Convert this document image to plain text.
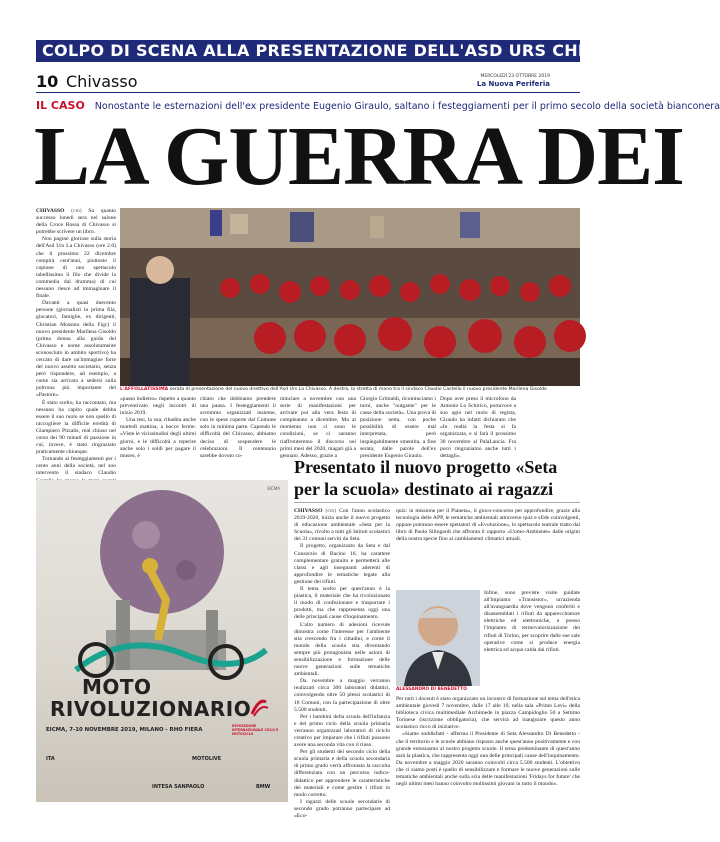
COLPO DI SCENA ALLA PRESENTAZIONE DELL'ASD URS CHIVASSO
10 Chivasso	MERCOLEDÌ 23 OTTOBRE 2019
La Nuova Periferia
IL CASO Nonostante le esternazioni dell'ex presidente Eugenio Giraulo, saltano i festeggiamenti per il primo secolo della società bianconera
LA GUERRA DEI
CHIVASSO (cm) Su quanto successo lunedì sera nel salone della Croce Rossa di Chivasso si potrebbe scrivere un libro.
Non pagine gloriose sulla storia dell'Asd Urs La Chivasso (ore 2.0) che il prossimo 22 dicembre compirà cent'anni, piuttosto il copione di uno spettacolo tabellissimo il filo che divide la commedia dal dramma) di cui nessuno riesce ad immaginare il finale.
Davanti a quasi duecento persone (giornalisti in prima fila, giocatori, famiglie, ex dirigenti, Christian Mossino della Figc) il nuovo presidente Marilena Gisoldo (prima donna alla guida del Chivasso e nome assolutamente sconosciuto in ambito sportivo) ha cercato di dare un'immagine forte del nuovo assetto societario, senza però rispondere, ad esempio, a come sia arrivata a sedersi sulla poltrona più importante del «Pastore».
È stato scelto, ha raccontato, ma nessuno ha capito quale debba essere il suo ruolo se non quello di raccogliere la difficile eredità di Giampiero Pitzalis, real chiuso nel corso dei 90 minuti di passione in cui, invece, è stato ringraziato praticamente chiunque.
Tornando ai festeggiamenti per i cento anni della società, nel suo intervento il sindaco Claudio
L'AFFOLLATISSIMA serata di presentazione del nuovo direttivo dell'Asd Urs La Chivasso. A destra, la stretta di mano tra il sindaco Claudio Castello il nuovo presidente Marilena Gisoldo
«passo indietro» rispetto a quanto preventivato negli incontri di inizio 2019.
Una tesi, la sua, ribadita anche martedì mattina, a bocce ferme: «Viste le vicissitudini degli ultimi giorni, e le difficoltà a reperire anche solo i soldi per pagare il museo, è
chiaro che dobbiamo prendere una pausa. I festeggiamenti li avremmo organizzati insieme, con le spese coperte dal Comune solo in minima parte. Capendo le difficoltà del Chivasso, abbiamo deciso di sospendere le celebrazioni. Il centenario sarebbe dovuto co-
minciare a novembre con una serie di manifestazioni per arrivare poi alla vera festa di compleanno a dicembre. Ma al momento non ci sono le condizioni, se ci saranno riaffronteremo il discorso nei primi mesi del 2020, magari già a gennaio. Adesso, grazie a
Giorgio Grimaldi, ricominciamo i turni, anche "outgame" per le casse della società». Una prova di posizione netta, con poche possibilità di essere mal interpretata, però inspiegabilmente smentita, a fine serata, dalle parole dell'ex presidente Eugenio Giraulo.
Dopo aver preso il microfono da Antonio Lo Schirico, portavoce a suo agio nel ruolo di regista, Giraulo ha infatti dichiarato che «In realtà la festa si fa organizzata, e si farà il prossimo 30 novembre al PalaLancia. Fra poco ringraziamo anche tutti i dettagli».
EICMA
MOTO
RIVOLUZIONARIO
EICMA, 7-10 NOVEMBRE 2019, MILANO - RHO FIERA
ESPOSIZIONE INTERNAZIONALE CICLO E MOTOCICLO
ITA	MOTOLIVE
INTESA SANPAOLO	BMW
Presentato il nuovo progetto «Seta per la scuola» destinato ai ragazzi
CHIVASSO (cm) Con l'anno scolastico 2019-2020, inizia anche il nuovo progetto di educazione ambientale «Seta per la Scuola», rivolto a tutti gli Istituti scolastici dei 31 comuni serviti da Seta.
Il progetto, organizzato da Seta e dal Consorzio di Bacino 16, ha carattere complementare gratuito e permetterà alle classi e agli insegnanti aderenti di approfondire le tematiche legate alla gestione dei rifiuti.
Il tema scelto per quest'anno è la plastica, il materiale che ha rivoluzionato il modo di confezionare e trasportare i prodotti, ma che rappresenta oggi una delle principali cause d'inquinamento.
L'alto numero di adesioni ricevute dimostra come l'interesse per l'ambiente stia crescendo fra i cittadini, e come il mondo della scuola stia diventando sempre più protagonista nelle azioni di sensibilizzazione e formazione delle nuove generazioni sulle tematiche ambientali.
Da novembre a maggio verranno realizzati circa 300 laboratori didattici, coinvolgendo oltre 50 plessi scolastici di 18 Comuni, con la partecipazione di oltre 5.500 studenti.
Per i bambini della scuola dell'infanzia e del primo ciclo della scuola primaria verranno organizzati laboratori di riciclo creativo per imparare che i rifiuti possono avere una seconda vita con il riuso.
Per gli studenti del secondo ciclo della scuola primaria e della scuola secondaria di primo grado verrà affrontata la raccolta differenziata con un percorso ludico-didattico per apprendere le caratteristiche dei materiali e come gestire i rifiuti in modo corretto.
I ragazzi delle scuole secondarie di secondo grado potranno partecipare ad «Eco-
quiz: in missione per il Pianeta», il gioco-concorso per approfondire, grazie alla tecnologia delle APP, le tematiche ambientali attraverso quiz e sfide coinvolgenti, oppure potranno essere spettatori di «Evoluzione», lo spettacolo teatrale tratto dal libro di Paolo Silingardi che affronta il rapporto «Uomo-Ambiente» dalle origini della nostra specie fino ai cambiamenti climatici attuali.
ALESSANDRO DI BENEDETTO
Infine, sono previste visite guidate all'impianto «Transistor», un'azienda all'avanguardia dove vengono conferiti e disassemblati i rifiuti da apparecchiature elettriche ed elettroniche, e presso l'impianto di termovalorizzazione dei rifiuti di Torino, per scoprire dalle sue sale operative come si produce energia elettrica ed acqua calda dai rifiuti.
Per tutti i docenti è stato organizzato un incontro di formazione sul tema dell'etica ambientale giovedì 7 novembre, dalle 17 alle 19, nella sala «Primo Levi» della biblioteca civica multimediale Archimede in piazza Campidoglio 50 a Settimo Torinese (iscrizione obbligatoria), che servirà ad inaugurare questo anno scolastico ricco di iniziative.
«Siamo soddisfatti - afferma il Presidente di Seta Alessandro Di Benedetto - che il territorio e le scuole abbiano risposto anche quest'anno positivamente e con grande entusiasmo al nostro progetto scuole. Il tema predominante di quest'anno sarà la plastica, che rappresenta oggi una delle principali cause dell'inquinamento. Da novembre a maggio 2020 saranno coinvolti circa 5.500 studenti. L'obiettivo che ci siamo posti è quello di sensibilizzare e formare le nuove generazioni sulle tematiche ambientali anche sulla scia delle manifestazioni 'Fridays for future' che negli ultimi mesi hanno coinvolto moltissimi giovani in tutto il mondo».
